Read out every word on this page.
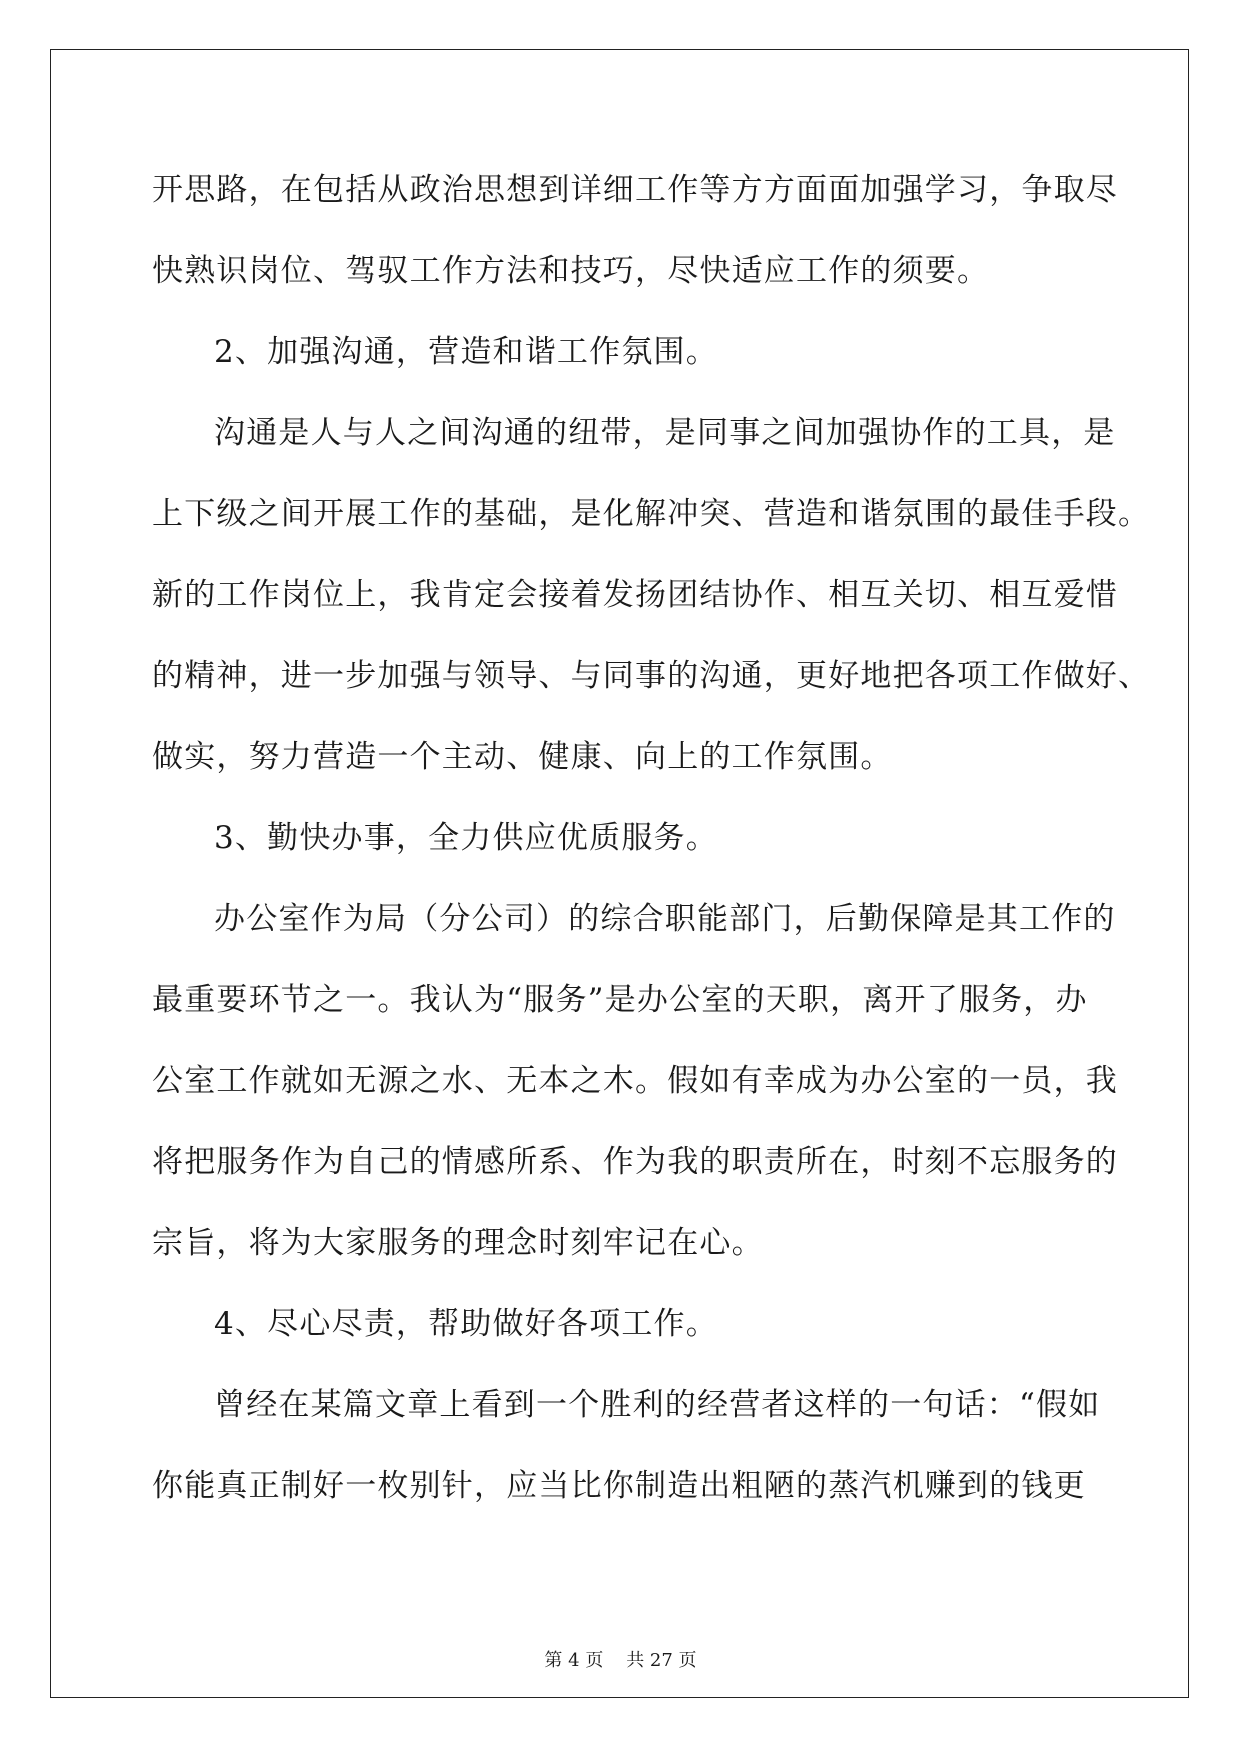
开思路，在包括从政治思想到详细工作等方方面面加强学习，争取尽
快熟识岗位、驾驭工作方法和技巧，尽快适应工作的须要。
2、加强沟通，营造和谐工作氛围。
沟通是人与人之间沟通的纽带，是同事之间加强协作的工具，是
上下级之间开展工作的基础，是化解冲突、营造和谐氛围的最佳手段。
新的工作岗位上，我肯定会接着发扬团结协作、相互关切、相互爱惜
的精神，进一步加强与领导、与同事的沟通，更好地把各项工作做好、
做实，努力营造一个主动、健康、向上的工作氛围。
3、勤快办事，全力供应优质服务。
办公室作为局（分公司）的综合职能部门，后勤保障是其工作的
最重要环节之一。我认为“服务”是办公室的天职，离开了服务，办
公室工作就如无源之水、无本之木。假如有幸成为办公室的一员，我
将把服务作为自己的情感所系、作为我的职责所在，时刻不忘服务的
宗旨，将为大家服务的理念时刻牢记在心。
4、尽心尽责，帮助做好各项工作。
曾经在某篇文章上看到一个胜利的经营者这样的一句话：“假如
你能真正制好一枚别针，应当比你制造出粗陋的蒸汽机赚到的钱更
第 4 页    共 27 页
